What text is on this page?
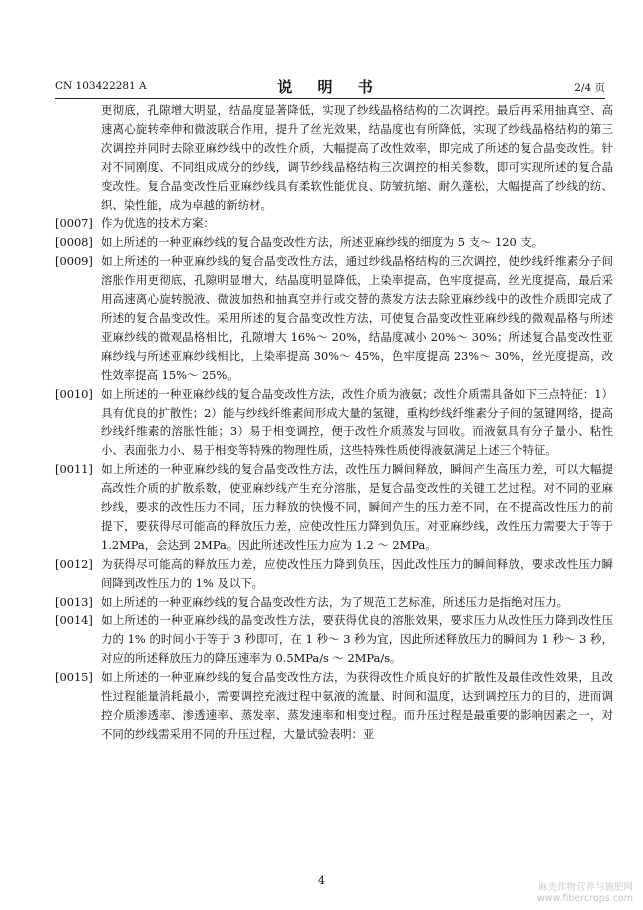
CN 103422281 A	说 明 书	2/4 页

更彻底，孔隙增大明显，结晶度显著降低，实现了纱线晶格结构的二次调控。最后再采用抽真空、高速离心旋转牵伸和微波联合作用，提升了丝光效果，结晶度也有所降低，实现了纱线晶格结构的第三次调控并同时去除亚麻纱线中的改性介质，大幅提高了改性效率，即完成了所述的复合晶变改性。针对不同刚度、不同组成成分的纱线，调节纱线晶格结构三次调控的相关参数，即可实现所述的复合晶变改性。复合晶变改性后亚麻纱线具有柔软性能优良、防皱抗缩、耐久蓬松，大幅提高了纱线的纺、织、染性能，成为卓越的新纺材。

[0007] 作为优选的技术方案：

[0008] 如上所述的一种亚麻纱线的复合晶变改性方法，所述亚麻纱线的细度为 5 支～ 120 支。

[0009] 如上所述的一种亚麻纱线的复合晶变改性方法，通过纱线晶格结构的三次调控，使纱线纤维素分子间溶胀作用更彻底，孔隙明显增大，结晶度明显降低，上染率提高，色牢度提高，丝光度提高，最后采用高速离心旋转脱液、微波加热和抽真空并行或交替的蒸发方法去除亚麻纱线中的改性介质即完成了所述的复合晶变改性。采用所述的复合晶变改性方法，可使复合晶变改性亚麻纱线的微观晶格与所述亚麻纱线的微观晶格相比，孔隙增大 16%～ 20%，结晶度减小 20%～ 30%；所述复合晶变改性亚麻纱线与所述亚麻纱线相比，上染率提高 30%～ 45%，色牢度提高 23%～ 30%，丝光度提高，改性效率提高 15%～ 25%。

[0010] 如上所述的一种亚麻纱线的复合晶变改性方法，改性介质为液氨；改性介质需具备如下三点特征：1）具有优良的扩散性；2）能与纱线纤维素间形成大量的氢键，重构纱线纤维素分子间的氢键网络，提高纱线纤维素的溶胀性能；3）易于相变调控，便于改性介质蒸发与回收。而液氨具有分子量小、粘性小、表面张力小、易于相变等特殊的物理性质，这些特殊性质使得液氨满足上述三个特征。

[0011] 如上所述的一种亚麻纱线的复合晶变改性方法，改性压力瞬间释放，瞬间产生高压力差，可以大幅提高改性介质的扩散系数，使亚麻纱线产生充分溶胀，是复合晶变改性的关键工艺过程。对不同的亚麻纱线，要求的改性压力不同，压力释放的快慢不同，瞬间产生的压力差不同，在不提高改性压力的前提下，要获得尽可能高的释放压力差，应使改性压力降到负压。对亚麻纱线，改性压力需要大于等于 1.2MPa，会达到 2MPa。因此所述改性压力应为 1.2 ～ 2MPa。

[0012] 为获得尽可能高的释放压力差，应使改性压力降到负压，因此改性压力的瞬间释放，要求改性压力瞬间降到改性压力的 1% 及以下。

[0013] 如上所述的一种亚麻纱线的复合晶变改性方法，为了规范工艺标准，所述压力是指绝对压力。

[0014] 如上所述的一种亚麻纱线的晶变改性方法，要获得优良的溶胀效果，要求压力从改性压力降到改性压力的 1% 的时间小于等于 3 秒即可，在 1 秒～ 3 秒为宜，因此所述释放压力的瞬间为 1 秒～ 3 秒，对应的所述释放压力的降压速率为 0.5MPa/s ～ 2MPa/s。

[0015] 如上所述的一种亚麻纱线的复合晶变改性方法，为获得改性介质良好的扩散性及最佳改性效果，且改性过程能量消耗最小，需要调控充液过程中氨液的流量、时间和温度，达到调控压力的目的，进而调控介质渗透率、渗透速率、蒸发率、蒸发速率和相变过程。而升压过程是最重要的影响因素之一，对不同的纱线需采用不同的升压过程，大量试验表明：亚

4
麻类作物营养与施肥网
www.fibercrops.com
